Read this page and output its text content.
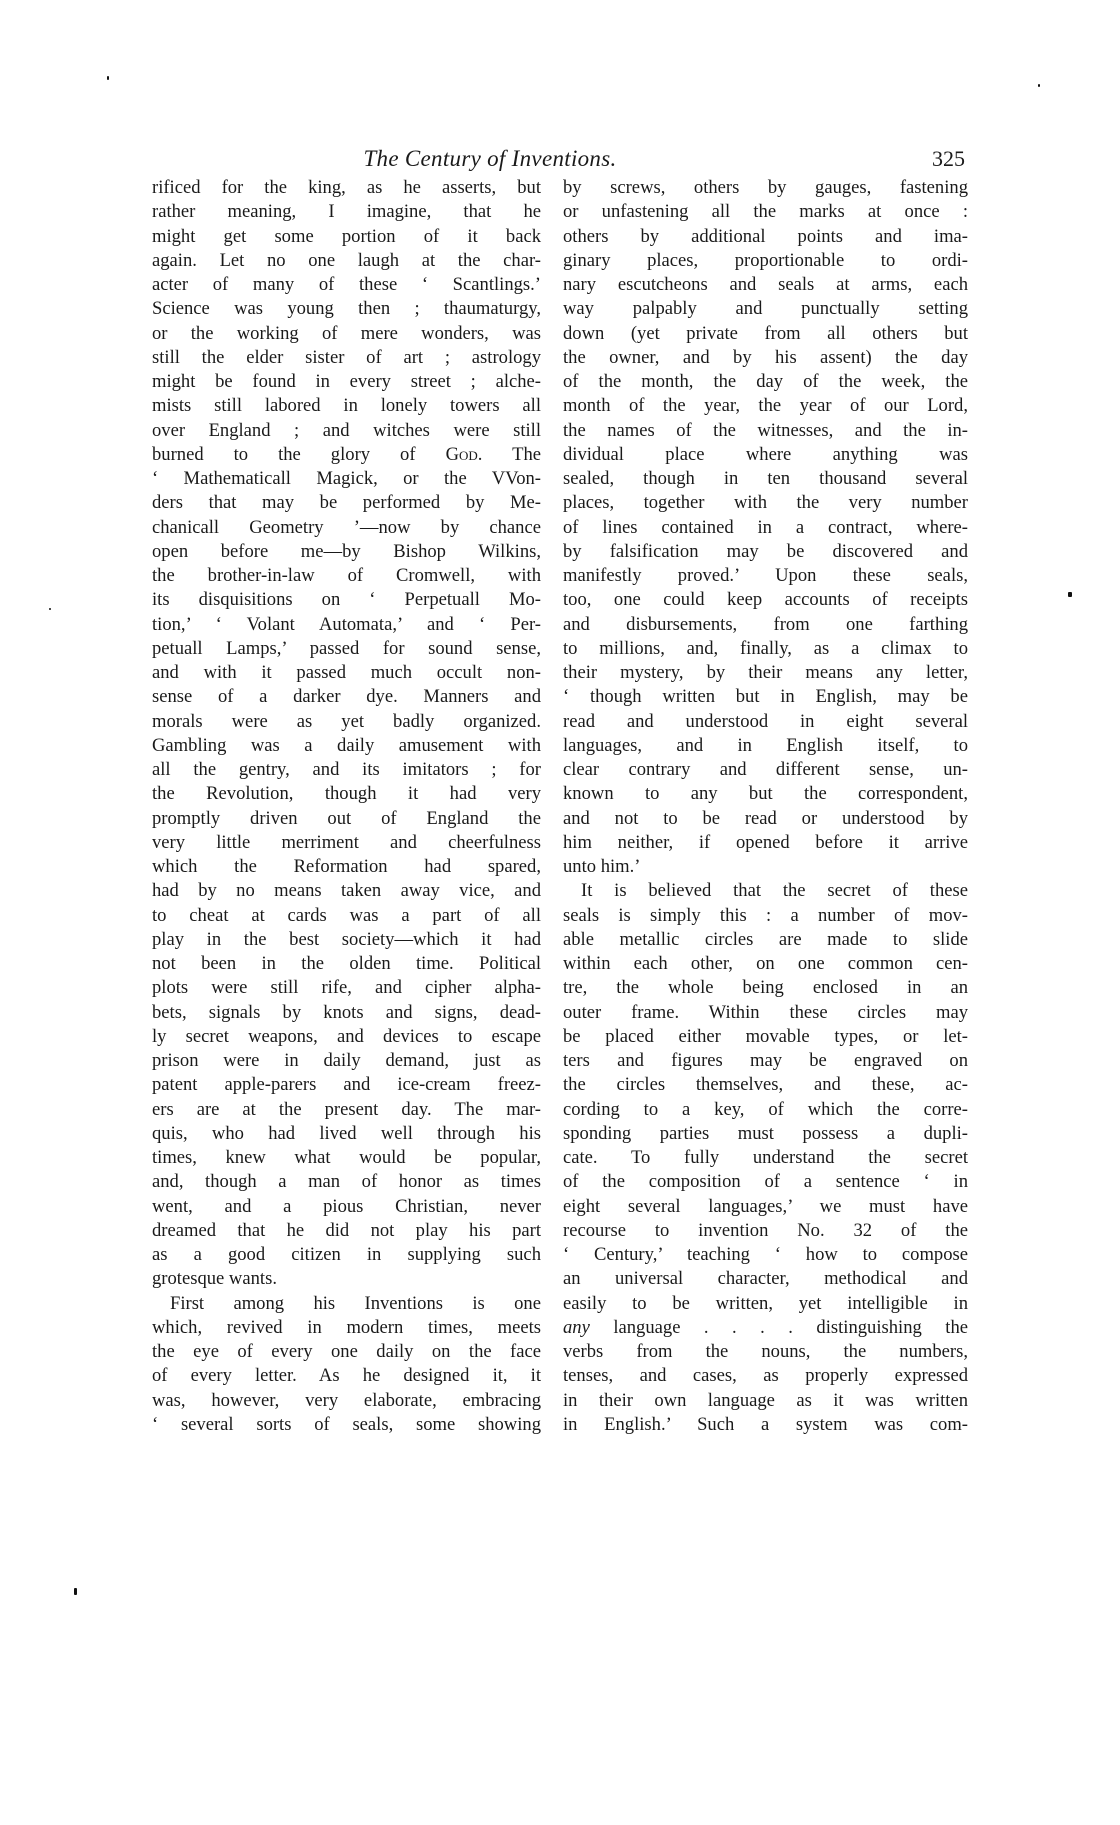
The Century of Inventions.	325
rificed for the king, as he asserts, but
rather meaning, I imagine, that he
might get some portion of it back
again. Let no one laugh at the char-
acter of many of these ‘ Scantlings.’
Science was young then ; thaumaturgy,
or the working of mere wonders, was
still the elder sister of art ; astrology
might be found in every street ; alche-
mists still labored in lonely towers all
over England ; and witches were still
burned to the glory of God. The
‘ Mathematicall Magick, or the VVon-
ders that may be performed by Me-
chanicall Geometry ’—now by chance
open before me—by Bishop Wilkins,
the brother-in-law of Cromwell, with
its disquisitions on ‘ Perpetuall Mo-
tion,’ ‘ Volant Automata,’ and ‘ Per-
petuall Lamps,’ passed for sound sense,
and with it passed much occult non-
sense of a darker dye. Manners and
morals were as yet badly organized.
Gambling was a daily amusement with
all the gentry, and its imitators ; for
the Revolution, though it had very
promptly driven out of England the
very little merriment and cheerfulness
which the Reformation had spared,
had by no means taken away vice, and
to cheat at cards was a part of all
play in the best society—which it had
not been in the olden time. Political
plots were still rife, and cipher alpha-
bets, signals by knots and signs, dead-
ly secret weapons, and devices to escape
prison were in daily demand, just as
patent apple-parers and ice-cream freez-
ers are at the present day. The mar-
quis, who had lived well through his
times, knew what would be popular,
and, though a man of honor as times
went, and a pious Christian, never
dreamed that he did not play his part
as a good citizen in supplying such
grotesque wants.
First among his Inventions is one
which, revived in modern times, meets
the eye of every one daily on the face
of every letter. As he designed it, it
was, however, very elaborate, embracing
‘ several sorts of seals, some showing
by screws, others by gauges, fastening
or unfastening all the marks at once :
others by additional points and ima-
ginary places, proportionable to ordi-
nary escutcheons and seals at arms, each
way palpably and punctually setting
down (yet private from all others but
the owner, and by his assent) the day
of the month, the day of the week, the
month of the year, the year of our Lord,
the names of the witnesses, and the in-
dividual place where anything was
sealed, though in ten thousand several
places, together with the very number
of lines contained in a contract, where-
by falsification may be discovered and
manifestly proved.’ Upon these seals,
too, one could keep accounts of receipts
and disbursements, from one farthing
to millions, and, finally, as a climax to
their mystery, by their means any letter,
‘ though written but in English, may be
read and understood in eight several
languages, and in English itself, to
clear contrary and different sense, un-
known to any but the correspondent,
and not to be read or understood by
him neither, if opened before it arrive
unto him.’
It is believed that the secret of these
seals is simply this : a number of mov-
able metallic circles are made to slide
within each other, on one common cen-
tre, the whole being enclosed in an
outer frame. Within these circles may
be placed either movable types, or let-
ters and figures may be engraved on
the circles themselves, and these, ac-
cording to a key, of which the corre-
sponding parties must possess a dupli-
cate. To fully understand the secret
of the composition of a sentence ‘ in
eight several languages,’ we must have
recourse to invention No. 32 of the
‘ Century,’ teaching ‘ how to compose
an universal character, methodical and
easily to be written, yet intelligible in
any language . . . . distinguishing the
verbs from the nouns, the numbers,
tenses, and cases, as properly expressed
in their own language as it was written
in English.’ Such a system was com-
